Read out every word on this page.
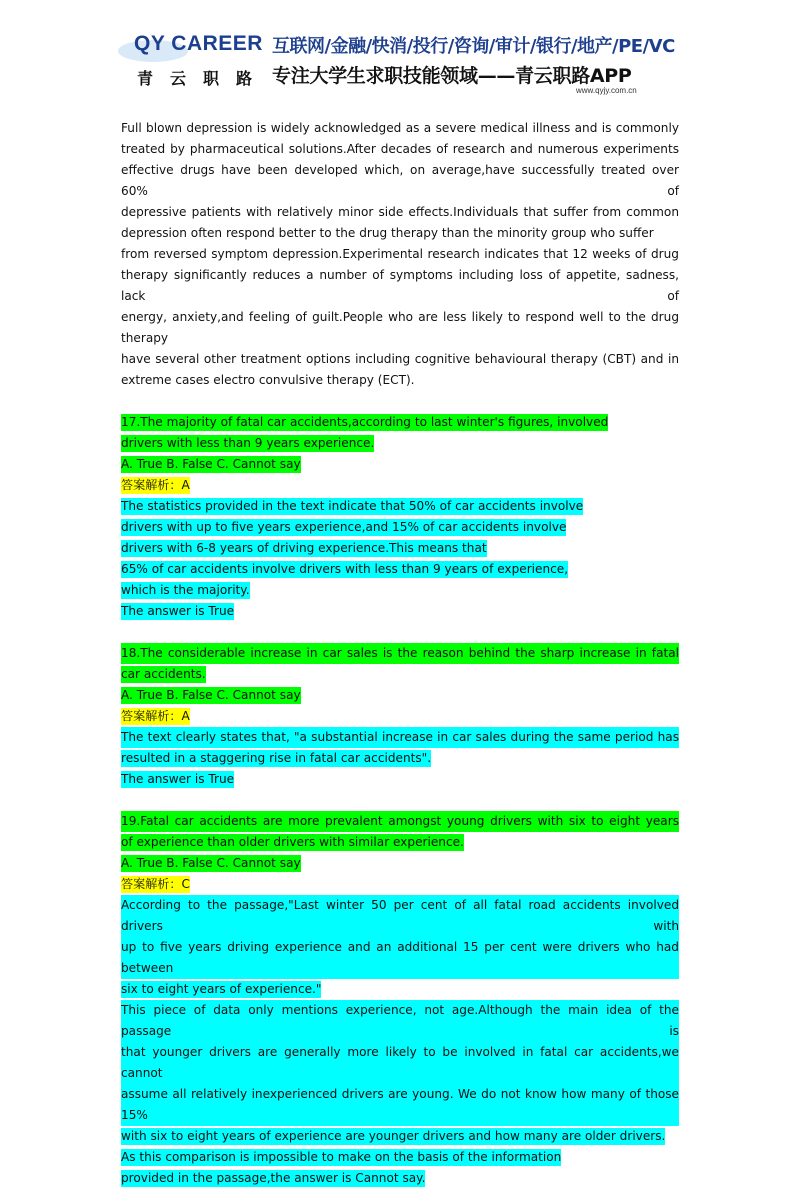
QY CAREER
青云职路
互联网/金融/快消/投行/咨询/审计/银行/地产/PE/VC
专注大学生求职技能领域——青云职路APP
www.qyjy.com.cn

Full blown depression is widely acknowledged as a severe medical illness and is commonly

treated by pharmaceutical solutions.After decades of research and numerous experiments

effective drugs have been developed which, on average,have successfully treated over 60% of

depressive patients with relatively minor side effects.Individuals that suffer from common

depression often respond better to the drug therapy than the minority group who suffer

from reversed symptom depression.Experimental research indicates that 12 weeks of drug

therapy significantly reduces a number of symptoms including loss of appetite, sadness, lack of

energy, anxiety,and feeling of guilt.People who are less likely to respond well to the drug therapy

have several other treatment options including cognitive behavioural therapy (CBT) and in

extreme cases electro convulsive therapy (ECT).

17.The majority of fatal car accidents,according to last winter's figures, involved
drivers with less than 9 years experience.
A. True B. False C. Cannot say
答案解析：A
The statistics provided in the text indicate that 50% of car accidents involve
drivers with up to five years experience,and 15% of car accidents involve
drivers with 6-8 years of driving experience.This means that
65% of car accidents involve drivers with less than 9 years of experience,
which is the majority.
The answer is True
18.The considerable increase in car sales is the reason behind the sharp increase in fatal
car accidents.
A. True B. False C. Cannot say
答案解析：A
The text clearly states that, "a substantial increase in car sales during the same period has
resulted in a staggering rise in fatal car accidents".
The answer is True
19.Fatal car accidents are more prevalent amongst young drivers with six to eight years
of experience than older drivers with similar experience.
A. True B. False C. Cannot say
答案解析：C
According to the passage,"Last winter 50 per cent of all fatal road accidents involved drivers with
up to five years driving experience and an additional 15 per cent were drivers who had between
six to eight years of experience."
This piece of data only mentions experience, not age.Although the main idea of the passage is
that younger drivers are generally more likely to be involved in fatal car accidents,we cannot
assume all relatively inexperienced drivers are young. We do not know how many of those 15%
with six to eight years of experience are younger drivers and how many are older drivers.
As this comparison is impossible to make on the basis of the information
provided in the passage,the answer is Cannot say.
